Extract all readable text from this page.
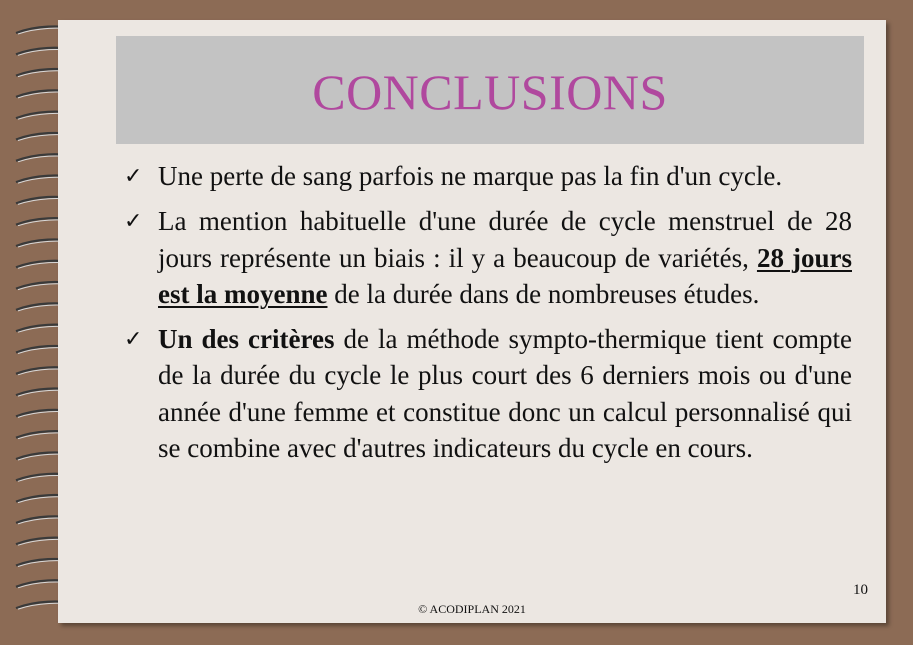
CONCLUSIONS
✓ Une perte de sang parfois ne marque pas la fin d'un cycle.
✓ La mention habituelle d'une durée de cycle menstruel de 28 jours représente un biais : il y a beaucoup de variétés, 28 jours est la moyenne de la durée dans de nombreuses études.
✓ Un des critères de la méthode sympto-thermique tient compte de la durée du cycle le plus court des 6 derniers mois ou d'une année d'une femme et constitue donc un calcul personnalisé qui se combine avec d'autres indicateurs du cycle en cours.
10
© ACODIPLAN 2021
